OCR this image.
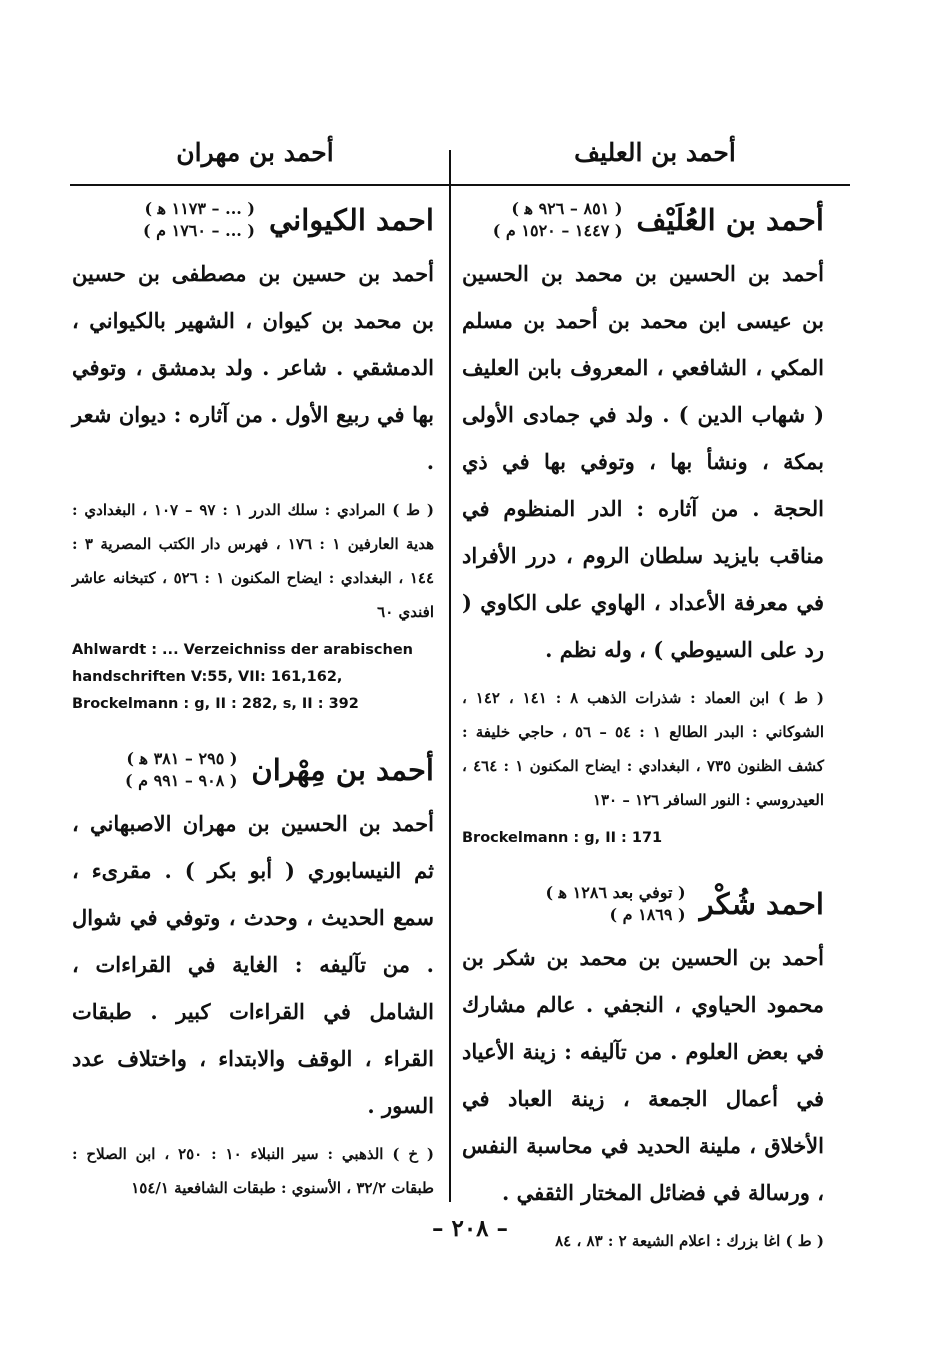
أحمد بن العليف
أحمد بن مهران
أحمد بن العُلَيْف
( ٨٥١ – ٩٢٦ ﻫ )
( ١٤٤٧ – ١٥٢٠ م )
أحمد بن الحسين بن محمد بن الحسين بن عيسى ابن محمد بن أحمد بن مسلم المكي ، الشافعي ، المعروف بابن العليف ( شهاب الدين ) . ولد في جمادى الأولى بمكة ، ونشأ بها ، وتوفي بها في ذي الحجة . من آثاره : الدر المنظوم في مناقب بايزيد سلطان الروم ، درر الأفراد في معرفة الأعداد ، الهاوي على الكاوي ( رد على السيوطي ) ، وله نظم .
( ط ) ابن العماد : شذرات الذهب ٨ : ١٤١ ، ١٤٢ ، الشوكاني : البدر الطالع ١ : ٥٤ – ٥٦ ، حاجي خليفة : كشف الظنون ٧٣٥ ، البغدادي : ايضاح المكنون ١ : ٤٦٤ ، العيدروسي : النور السافر ١٢٦ – ١٣٠
Brockelmann : g, II : 171
احمد شُكْر
( توفي بعد ١٢٨٦ ﻫ )
( ١٨٦٩ م )
أحمد بن الحسين بن محمد بن شكر بن محمود الحياوي ، النجفي . عالم مشارك في بعض العلوم . من تآليفه : زينة الأعياد في أعمال الجمعة ، زينة العباد في الأخلاق ، ملينة الحديد في محاسبة النفس ، ورسالة في فضائل المختار الثقفي .
( ط ) اغا بزرك : اعلام الشيعة ٢ : ٨٣ ، ٨٤
احمد الكيواني
( ... – ١١٧٣ ﻫ )
( ... – ١٧٦٠ م )
أحمد بن حسين بن مصطفى بن حسين بن محمد بن كيوان ، الشهير بالكيواني ، الدمشقي . شاعر . ولد بدمشق ، وتوفي بها في ربيع الأول . من آثاره : ديوان شعر .
( ط ) المرادي : سلك الدرر ١ : ٩٧ – ١٠٧ ، البغدادي : هدية العارفين ١ : ١٧٦ ، فهرس دار الكتب المصرية ٣ : ١٤٤ ، البغدادي : ايضاح المكنون ١ : ٥٢٦ ، كتبخانه عاشر افندي ٦٠
Ahlwardt : ... Verzeichniss der arabischen handschriften V:55, VII: 161,162, Brockelmann : g, II : 282, s, II : 392
أحمد بن مِهْران
( ٢٩٥ – ٣٨١ ﻫ )
( ٩٠٨ – ٩٩١ م )
أحمد بن الحسين بن مهران الاصبهاني ، ثم النيسابوري ( أبو بكر ) . مقرىء ، سمع الحديث ، وحدث ، وتوفي في شوال . من تآليفه : الغاية في القراءات ، الشامل في القراءات كبير . طبقات القراء ، الوقف والابتداء ، واختلاف عدد السور .
( خ ) الذهبي : سير النبلاء ١٠ : ٢٥٠ ، ابن الصلاح : طبقات ٣٢/٢ ، الأسنوي : طبقات الشافعية ١٥٤/١
– ٢٠٨ –
